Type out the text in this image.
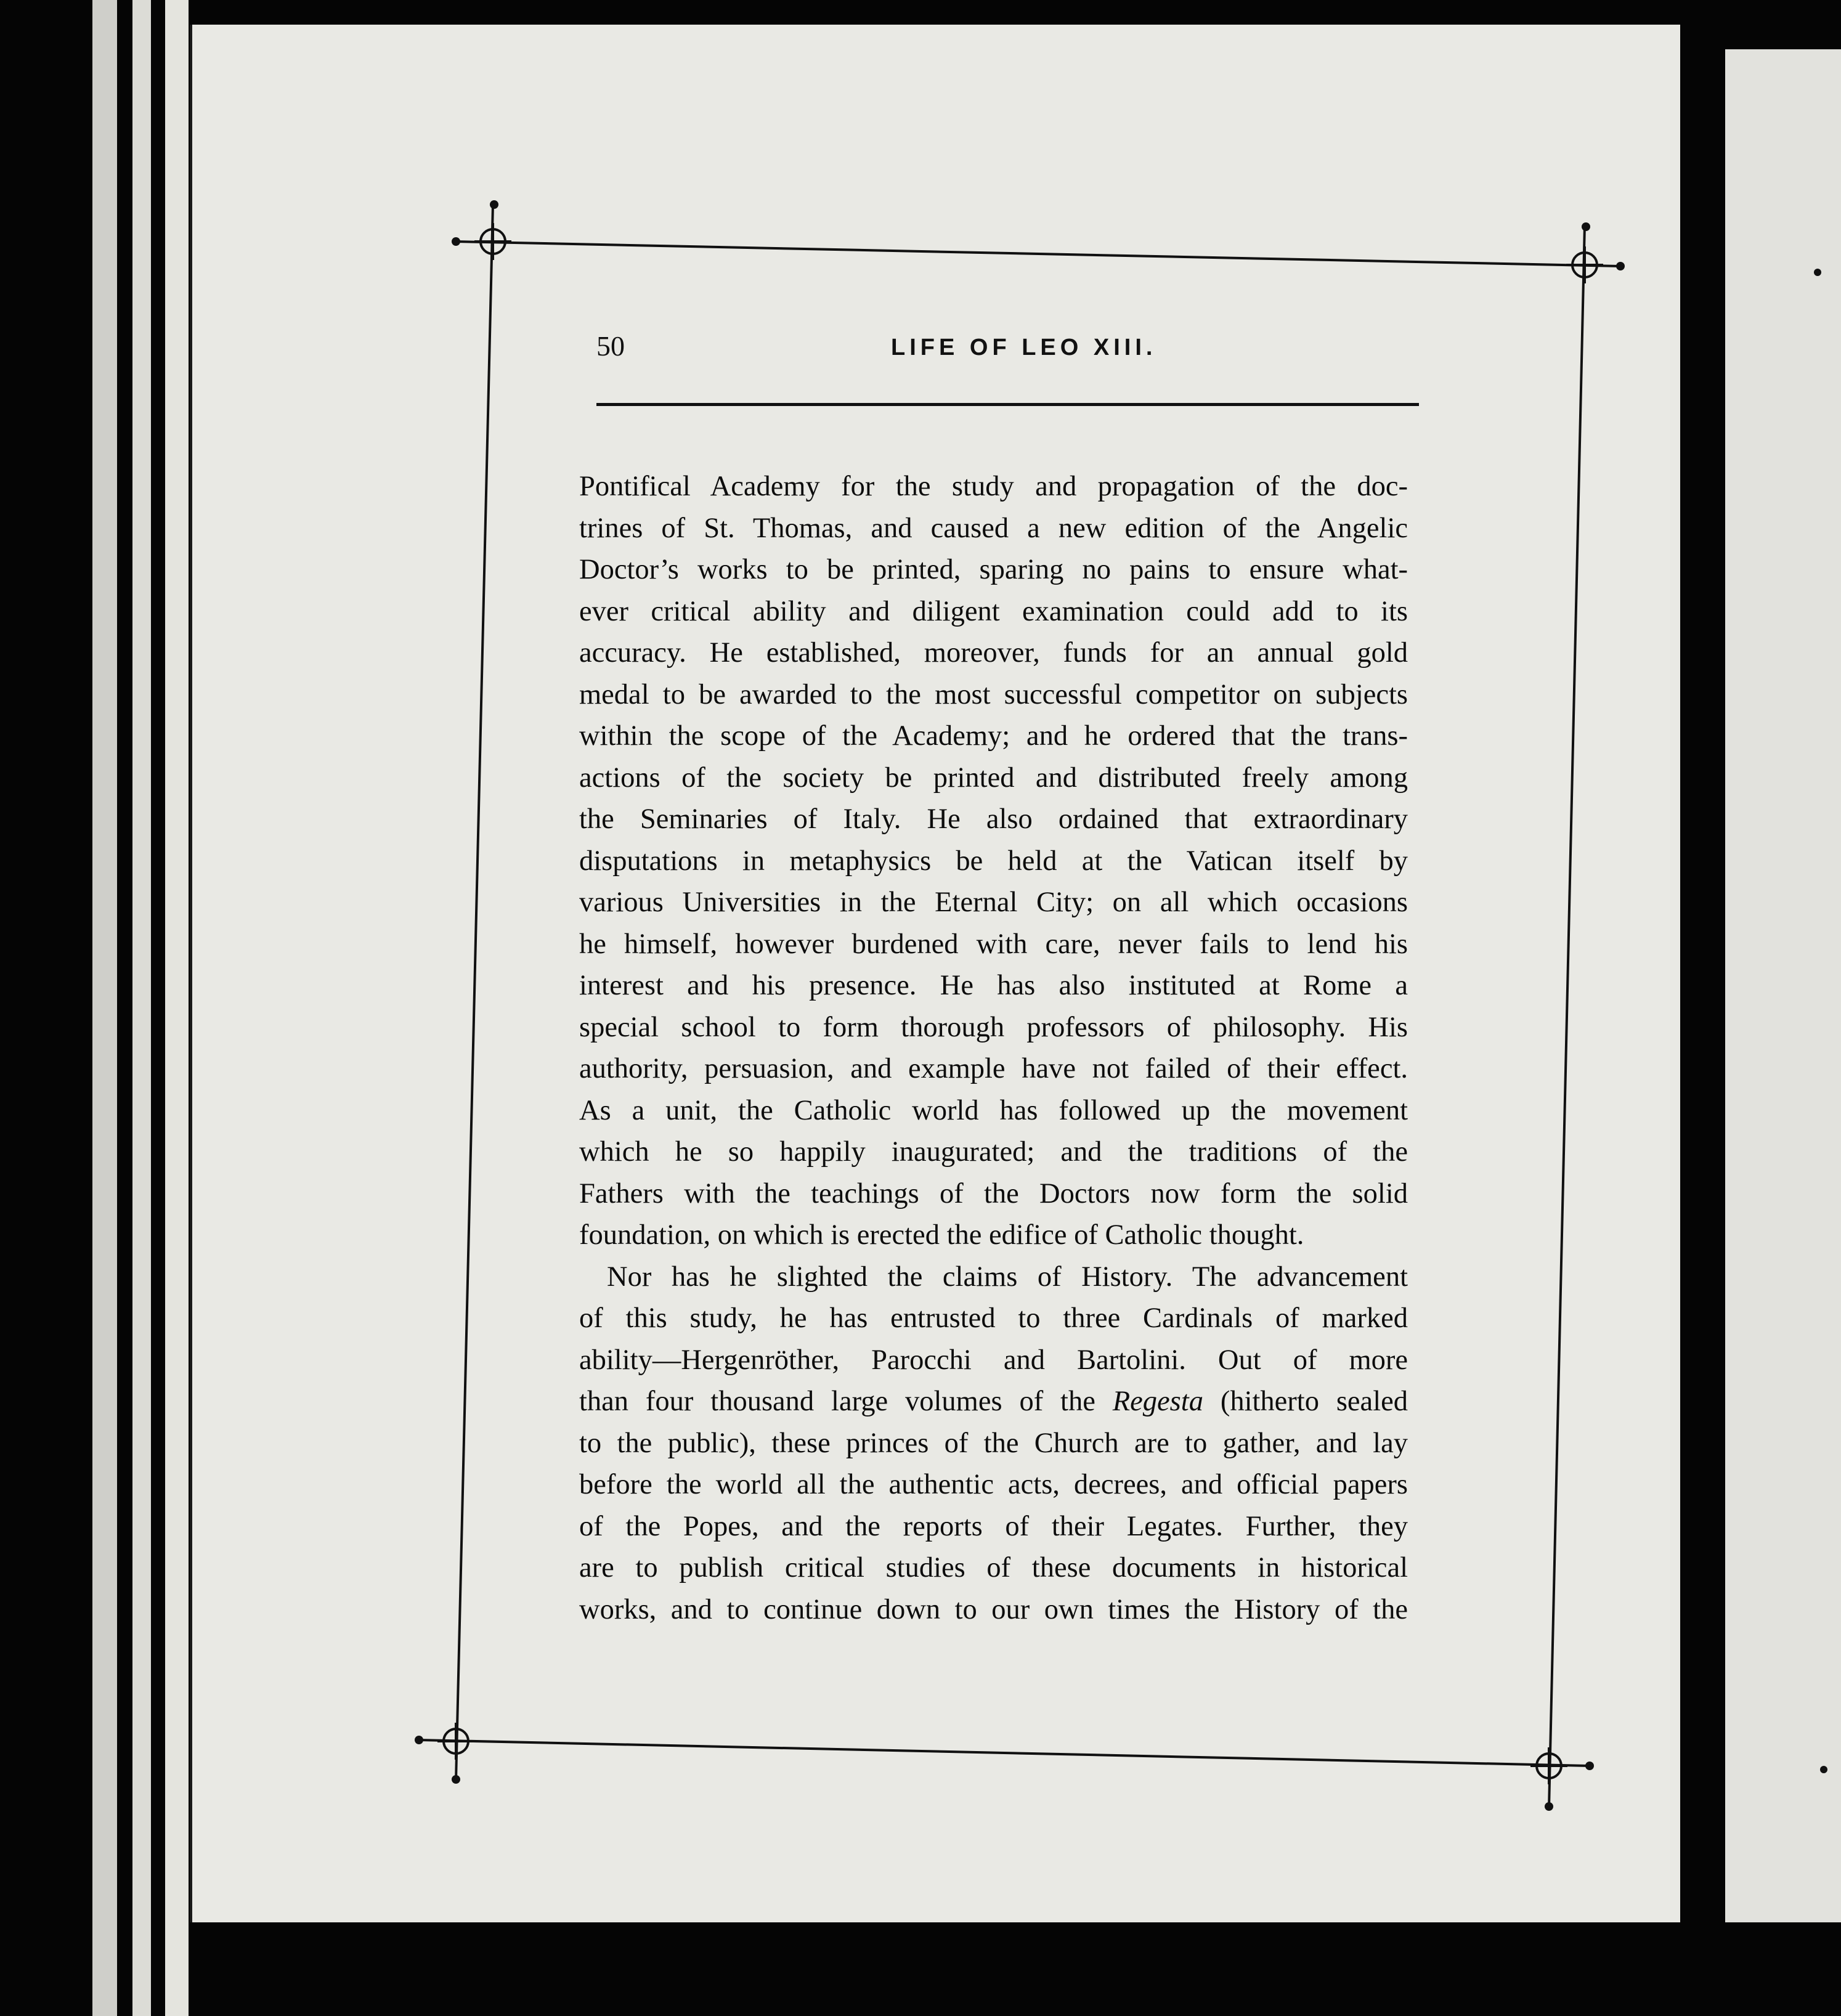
50	LIFE OF LEO XIII.
Pontifical Academy for the study and propagation of the doc-
trines of St. Thomas, and caused a new edition of the Angelic
Doctor’s works to be printed, sparing no pains to ensure what-
ever critical ability and diligent examination could add to its
accuracy. He established, moreover, funds for an annual gold
medal to be awarded to the most successful competitor on subjects
within the scope of the Academy; and he ordered that the trans-
actions of the society be printed and distributed freely among
the Seminaries of Italy. He also ordained that extraordinary
disputations in metaphysics be held at the Vatican itself by
various Universities in the Eternal City; on all which occasions
he himself, however burdened with care, never fails to lend his
interest and his presence. He has also instituted at Rome a
special school to form thorough professors of philosophy. His
authority, persuasion, and example have not failed of their effect.
As a unit, the Catholic world has followed up the movement
which he so happily inaugurated; and the traditions of the
Fathers with the teachings of the Doctors now form the solid
foundation, on which is erected the edifice of Catholic thought.
Nor has he slighted the claims of History. The advancement
of this study, he has entrusted to three Cardinals of marked
ability—Hergenröther, Parocchi and Bartolini. Out of more
than four thousand large volumes of the Regesta (hitherto sealed
to the public), these princes of the Church are to gather, and lay
before the world all the authentic acts, decrees, and official papers
of the Popes, and the reports of their Legates. Further, they
are to publish critical studies of these documents in historical
works, and to continue down to our own times the History of the
